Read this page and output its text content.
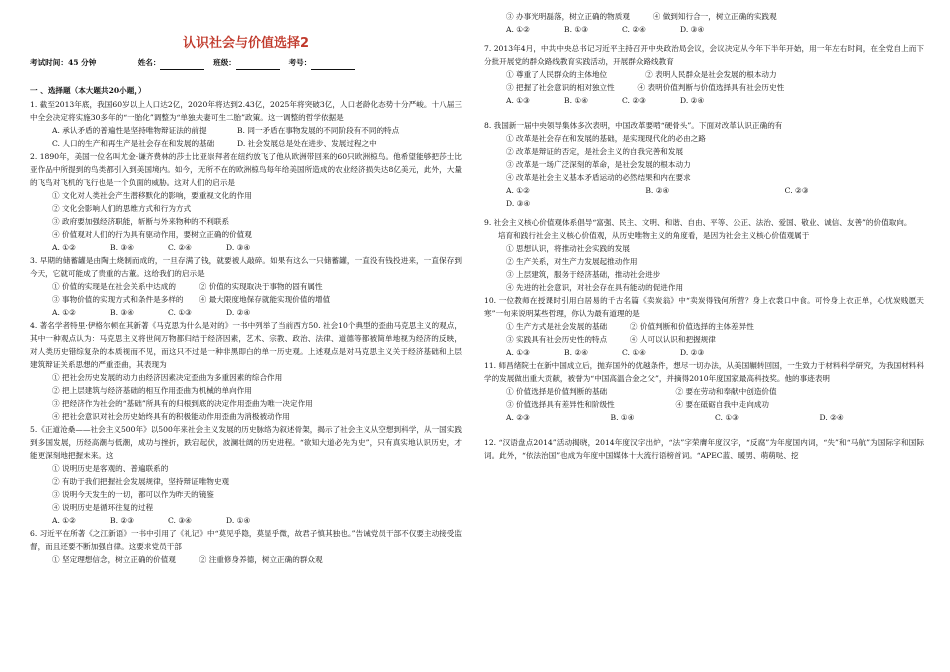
认识社会与价值选择2
考试时间：45 分钟	姓名：	班级：	考号：
一 、选择题（本大题共20小题，）

1. 截至2013年底，我国60岁以上人口达2亿，2020年将达到2.43亿，2025年将突破3亿，人口老龄化态势十分严峻。十八届三中全会决定将实施30多年的“一胎化”调整为“单独夫妻可生二胎”政策。这一调整的哲学依据是

A. 承认矛盾的普遍性是坚持唯物辩证法的前提　　　　B. 同一矛盾在事物发展的不同阶段有不同的特点

C. 人口的生产和再生产是社会存在和发展的基础　　　D. 社会发展总是处在进步、发展过程之中

2. 1890年，美国一位名叫尤金·谦齐费林的莎士比亚崇拜者在纽约放飞了他从欧洲带回来的60只欧洲椋鸟。他希望能够把莎士比亚作品中所提到的鸟类都引入到美国境内。如今，无所不在的欧洲椋鸟每年给美国所造成的农业经济损失达8亿美元，此外，大量的飞鸟对飞机的飞行也是一个负面的威胁。这对人们的启示是

① 文化对人类社会产生潜移默化的影响，要重视文化的作用

② 文化会影响人们的思维方式和行为方式

③ 政府要加强经济职能，斩断与外来物种的不利联系

④ 价值观对人们的行为具有驱动作用，要树立正确的价值观

A. ①②	B. ③④	C. ②④	D. ③④

3. 早期的储蓄罐是由陶土烧制而成的，一旦存满了钱，就要被人敲碎。如果有这么一只储蓄罐，一直没有钱投进来，一直保存到今天，它就可能成了贵重的古董。这给我们的启示是

① 价值的实现是在社会关系中达成的　　　② 价值的实现取决于事物的固有属性

③ 事物价值的实现方式和条件是多样的　　④ 最大限度地保存就能实现价值的增值

A. ①②	B. ③④	C. ①③	D. ②④

4. 著名学者特里·伊格尔顿在其新著《马克思为什么是对的》一书中列举了当前西方50. 社会10个典型的歪曲马克思主义的观点，其中一种观点认为：马克思主义将世间万物都归结于经济因素，艺术、宗教、政治、法律、道德等都被简单地视为经济的反映，对人类历史错综复杂的本质视而不见，而这只不过是一种非黑即白的单一历史观。上述观点是对马克思主义关于经济基础和上层建筑辩证关系思想的严重歪曲，其表现为

① 把社会历史发展的动力由经济因素决定歪曲为多重因素的综合作用

② 把上层建筑与经济基础的相互作用歪曲为机械的单向作用

③ 把经济作为社会的“基础”所具有的归根到底的决定作用歪曲为唯一决定作用

④ 把社会意识对社会历史始终具有的积极能动作用歪曲为消极被动作用

5.《正道沧桑——社会主义500年》以500年来社会主义发展的历史脉络为叙述骨架，揭示了社会主义从空想到科学，从一国实践到多国发展，历经高潮与低潮，成功与挫折，跌宕起伏，波澜壮阔的历史进程。“欲知大道必先为史”，只有真实地认识历史，才能更深刻地把握未来。这

① 说明历史是客观的、普遍联系的

② 有助于我们把握社会发展规律，坚持辩证唯物史观

③ 说明今天发生的一切，都可以作为昨天的镜鉴

④ 说明历史是循环往复的过程

A. ①②	B. ②③	C. ③④	D. ①④

6. 习近平在所著《之江新语》一书中引用了《礼记》中“莫见乎隐，莫显乎微，故君子慎其独也。”告诫党员干部不仅要主动接受监督，而且还要不断加强自律。这要求党员干部

① 坚定理想信念，树立正确的价值观　　　② 注重修身养德，树立正确的群众观

③ 办事光明磊落，树立正确的物质观　　　④ 做到知行合一，树立正确的实践观

A. ①②	B. ①③	C. ②④	D. ③④

7. 2013年4月，中共中央总书记习近平主持召开中央政治局会议，会议决定从今年下半年开始，用一年左右时间，在全党自上而下分批开展党的群众路线教育实践活动，开展群众路线教育

① 尊重了人民群众的主体地位　　　　　② 表明人民群众是社会发展的根本动力

③ 把握了社会意识的相对独立性　　　④ 表明价值判断与价值选择具有社会历史性

A. ①③	B. ①④	C. ②③	D. ②④

8. 我国新一届中央领导集体多次表明，中国改革要啃“硬骨头”。下面对改革认识正确的有

① 改革是社会存在和发展的基础，是实现现代化的必由之路

② 改革是辩证的否定，是社会主义的自我完善和发展

③ 改革是一场广泛深刻的革命，是社会发展的根本动力

④ 改革是社会主义基本矛盾运动的必然结果和内在要求

A. ①②	B. ②④	C. ②③

D. ③④

9. 社会主义核心价值观体系倡导“富强、民主、文明、和谐、自由、平等、公正、法治、爱国、敬业、诚信、友善”的价值取向。

培育和践行社会主义核心价值观，从历史唯物主义的角度看，是因为社会主义核心价值观属于

① 思想认识，将推动社会实践的发展

② 生产关系，对生产力发展起推动作用

③ 上层建筑，服务于经济基础，推动社会进步

④ 先进的社会意识，对社会存在具有能动的促进作用

10. 一位教师在授课时引用白居易的千古名篇《卖炭翁》中“卖炭得钱何所营？身上衣裳口中食。可怜身上衣正单，心忧炭贱愿天寒”一句来说明某些哲理，你认为最有道理的是

① 生产方式是社会发展的基础　　　② 价值判断和价值选择的主体差异性

③ 实践具有社会历史性的特点　　　④ 人可以认识和把握规律

A. ①③	B. ②④	C. ①④	D. ②③

11. 师昌绪院士在新中国成立后，抛弃国外的优越条件，想尽一切办法，从美国辗转回国，一生致力于材料科学研究，为我国材料科学的发展做出重大贡献，被誉为“中国高温合金之父”，并摘得2010年度国家最高科技奖。他的事迹表明

① 价值选择是价值判断的基础　　　　　　　　　② 要在劳动和奉献中创造价值

③ 价值选择具有差异性和阶级性　　　　　　　　④ 要在砥砺自我中走向成功

A. ②③	B. ①④	C. ①③	D. ②④

12. “汉语盘点2014”活动揭晓，2014年度汉字出炉，“法”字荣膺年度汉字，“反腐”为年度国内词，“失”和“马航”为国际字和国际词。此外，“依法治国”也成为年度中国媒体十大流行语榜首词。“APEC蓝、暖男、萌萌哒、挖
